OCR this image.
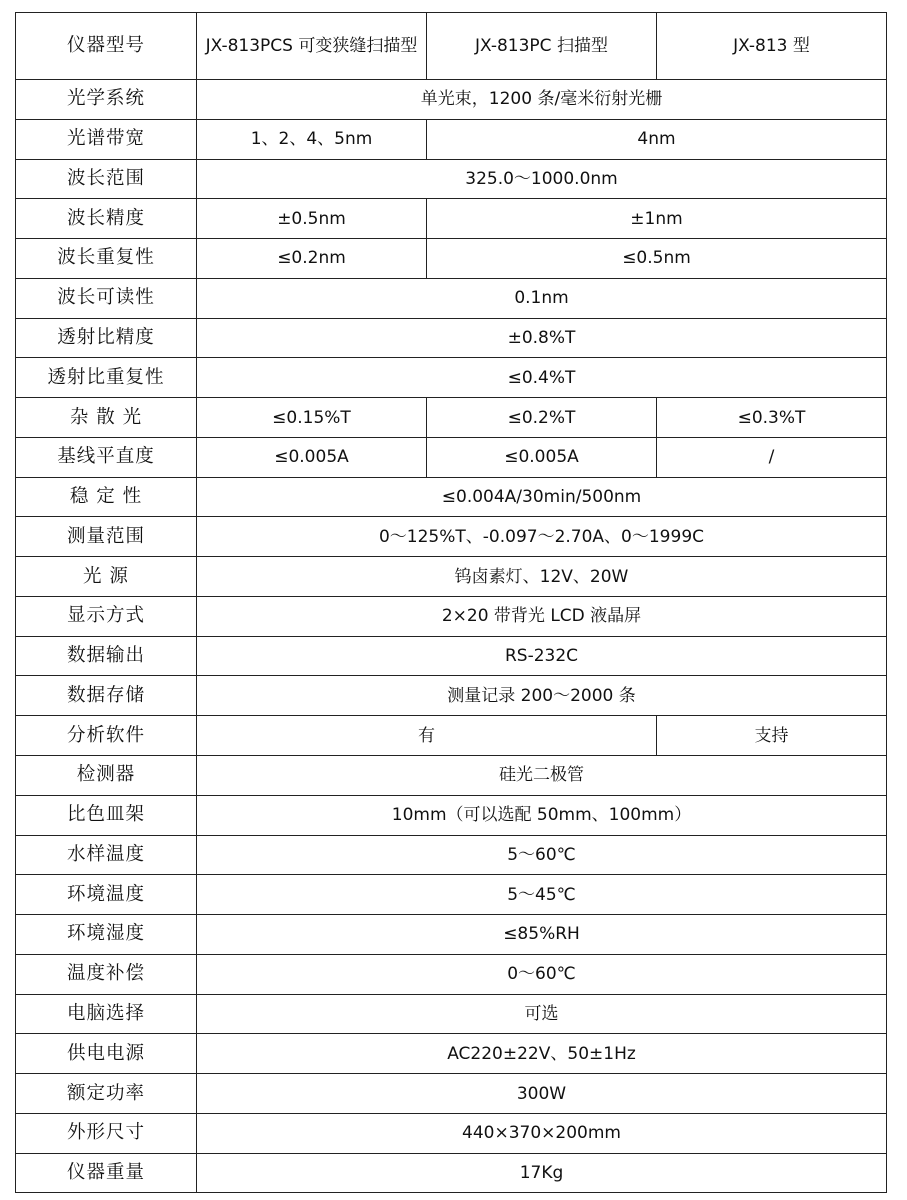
仪器型号	JX-813PCS 可变狭缝扫描型	JX-813PC 扫描型	JX-813 型
光学系统	单光束，1200 条/毫米衍射光栅		
光谱带宽	1、2、4、5nm	4nm	
波长范围	325.0～1000.0nm		
波长精度	±0.5nm	±1nm	
波长重复性	≤0.2nm	≤0.5nm	
波长可读性	0.1nm		
透射比精度	±0.8%T		
透射比重复性	≤0.4%T		
杂 散 光	≤0.15%T	≤0.2%T	≤0.3%T
基线平直度	≤0.005A	≤0.005A	/
稳 定 性	≤0.004A/30min/500nm		
测量范围	0～125%T、-0.097～2.70A、0～1999C		
光 源	钨卤素灯、12V、20W		
显示方式	2×20 带背光 LCD 液晶屏		
数据输出	RS-232C		
数据存储	测量记录 200～2000 条		
分析软件	有		支持
检测器	硅光二极管		
比色皿架	10mm（可以选配 50mm、100mm）		
水样温度	5～60℃		
环境温度	5～45℃		
环境湿度	≤85%RH		
温度补偿	0～60℃		
电脑选择	可选		
供电电源	AC220±22V、50±1Hz		
额定功率	300W		
外形尺寸	440×370×200mm		
仪器重量	17Kg		
